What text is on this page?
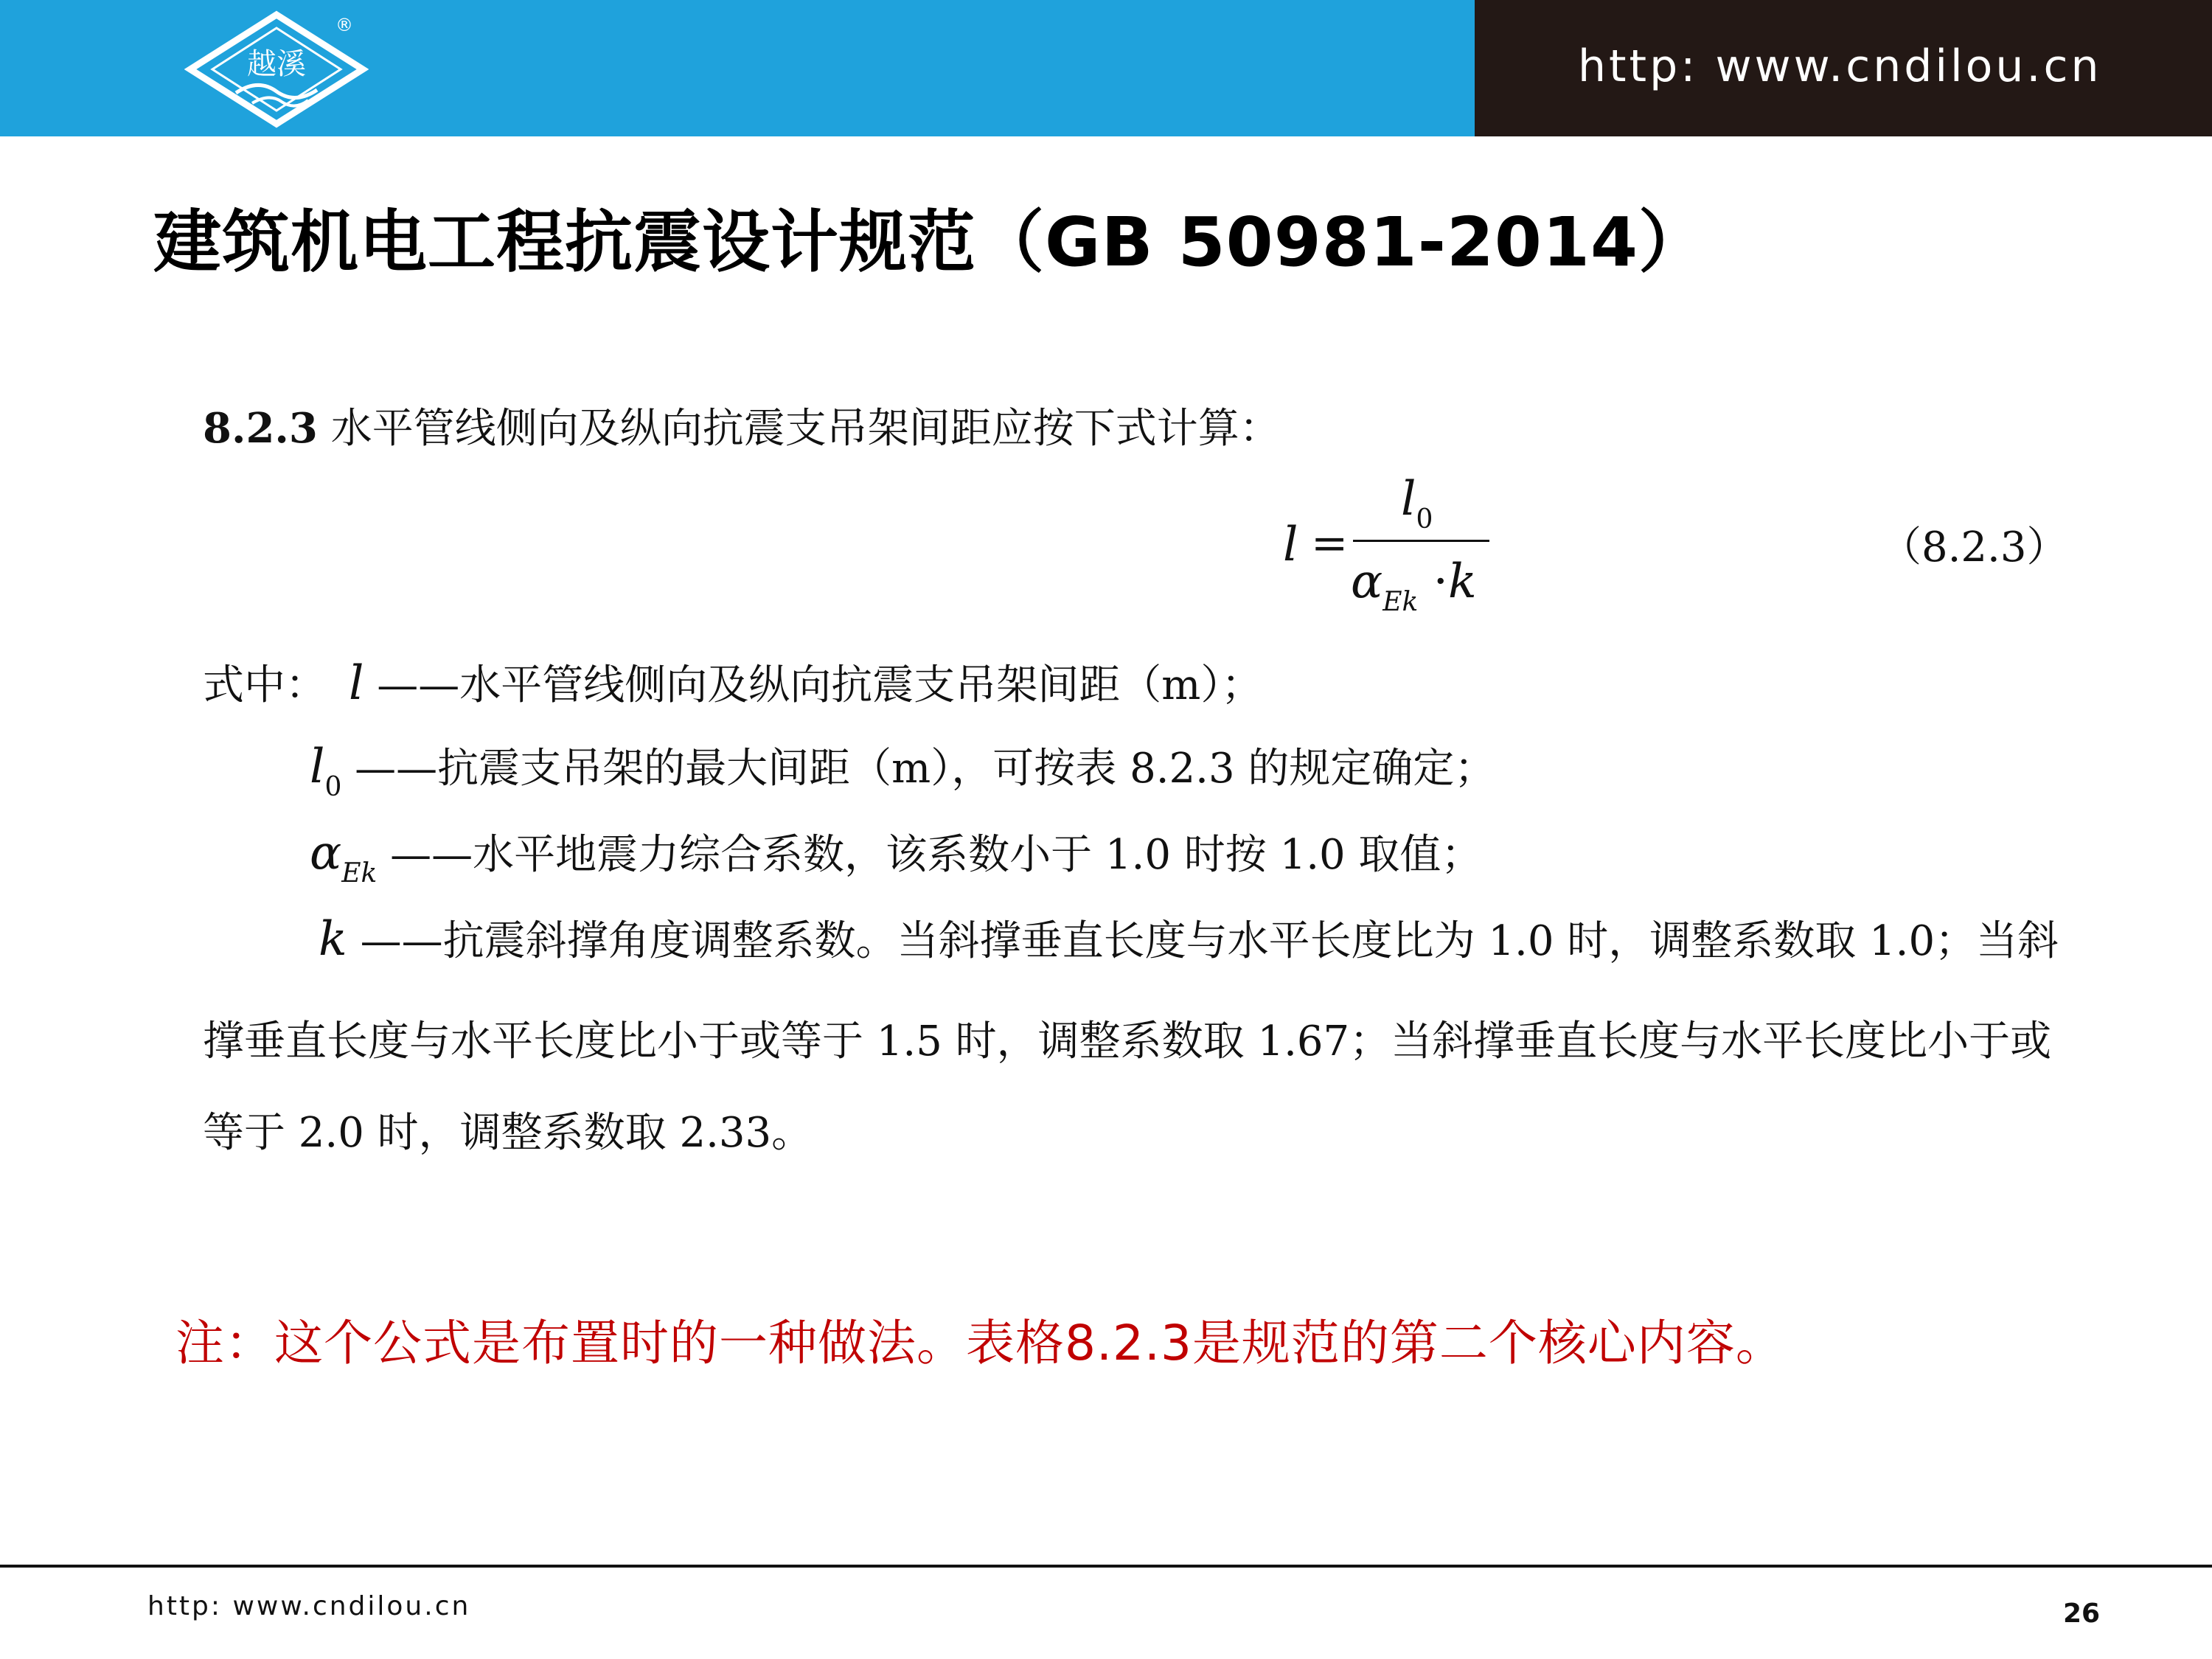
越溪
®
http: www.cndilou.cn
建筑机电工程抗震设计规范（GB 50981-2014）
8.2.3 水平管线侧向及纵向抗震支吊架间距应按下式计算：
l =
$l_0$
$\alpha_{Ek} \cdot k$
（8.2.3）
式中： l ——水平管线侧向及纵向抗震支吊架间距（m）；
$l_0$ ——抗震支吊架的最大间距（m），可按表 8.2.3 的规定确定；
$\alpha_{Ek}$ ——水平地震力综合系数，该系数小于 1.0 时按 1.0 取值；
k ——抗震斜撑角度调整系数。当斜撑垂直长度与水平长度比为 1.0 时，调整系数取 1.0；当斜
撑垂直长度与水平长度比小于或等于 1.5 时，调整系数取 1.67；当斜撑垂直长度与水平长度比小于或
等于 2.0 时，调整系数取 2.33。
注：这个公式是布置时的一种做法。表格8.2.3是规范的第二个核心内容。
http: www.cndilou.cn	26
